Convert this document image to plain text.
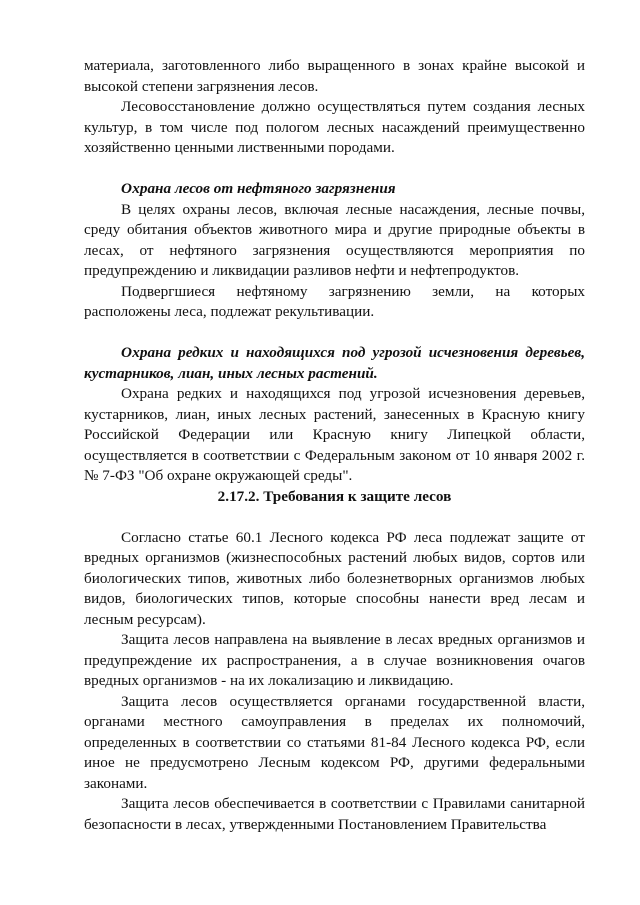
материала, заготовленного либо выращенного в зонах крайне высокой и высокой степени загрязнения лесов.

Лесовосстановление должно осуществляться путем создания лесных культур, в том числе под пологом лесных насаждений преимущественно хозяйственно ценными лиственными породами.

Охрана лесов от нефтяного загрязнения

В целях охраны лесов, включая лесные насаждения, лесные почвы, среду обитания объектов животного мира и другие природные объекты в лесах, от нефтяного загрязнения осуществляются мероприятия по предупреждению и ликвидации разливов нефти и нефтепродуктов.

Подвергшиеся нефтяному загрязнению земли, на которых расположены леса, подлежат рекультивации.

Охрана редких и находящихся под угрозой исчезновения деревьев, кустарников, лиан, иных лесных растений.

Охрана редких и находящихся под угрозой исчезновения деревьев, кустарников, лиан, иных лесных растений, занесенных в Красную книгу Российской Федерации или Красную книгу Липецкой области, осуществляется в соответствии с Федеральным законом от 10 января 2002 г.№ 7-ФЗ "Об охране окружающей среды".

2.17.2. Требования к защите лесов

Согласно статье 60.1 Лесного кодекса РФ леса подлежат защите от вредных организмов (жизнеспособных растений любых видов, сортов или биологических типов, животных либо болезнетворных организмов любых видов, биологических типов, которые способны нанести вред лесам и лесным ресурсам).

Защита лесов направлена на выявление в лесах вредных организмов и предупреждение их распространения, а в случае возникновения очагов вредных организмов - на их локализацию и ликвидацию.

Защита лесов осуществляется органами государственной власти, органами местного самоуправления в пределах их полномочий, определенных в соответствии со статьями 81-84 Лесного кодекса РФ, если иное не предусмотрено Лесным кодексом РФ, другими федеральными законами.

Защита лесов обеспечивается в соответствии с Правилами санитарной безопасности в лесах, утвержденными Постановлением Правительства
